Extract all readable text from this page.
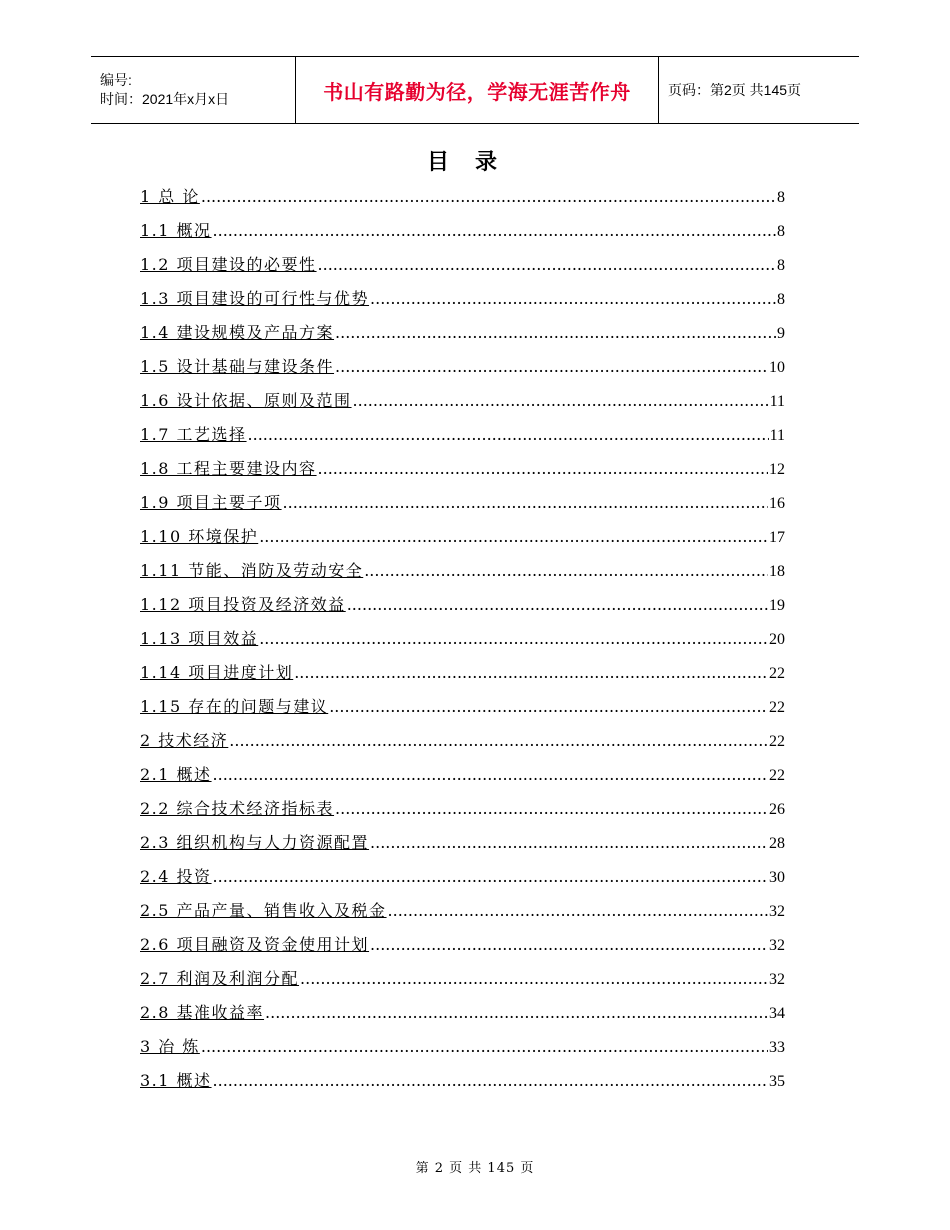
编号:
时间：2021年x月x日	书山有路勤为径，学海无涯苦作舟	页码：第2页 共145页
目录
1 总 论 .....	8
1.1 概况 .....	8
1.2 项目建设的必要性 .....	8
1.3 项目建设的可行性与优势 .....	8
1.4 建设规模及产品方案 .....	9
1.5 设计基础与建设条件 .....	10
1.6 设计依据、原则及范围 .....	11
1.7 工艺选择 .....	11
1.8 工程主要建设内容 .....	12
1.9 项目主要子项 .....	16
1.10 环境保护 .....	17
1.11 节能、消防及劳动安全 .....	18
1.12 项目投资及经济效益 .....	19
1.13 项目效益 .....	20
1.14 项目进度计划 .....	22
1.15 存在的问题与建议 .....	22
2 技术经济 .....	22
2.1 概述 .....	22
2.2 综合技术经济指标表 .....	26
2.3 组织机构与人力资源配置 .....	28
2.4 投资 .....	30
2.5 产品产量、销售收入及税金 .....	32
2.6 项目融资及资金使用计划 .....	32
2.7 利润及利润分配 .....	32
2.8 基准收益率 .....	34
3 冶 炼 .....	33
3.1 概述 .....	35
第 2 页 共 145 页
